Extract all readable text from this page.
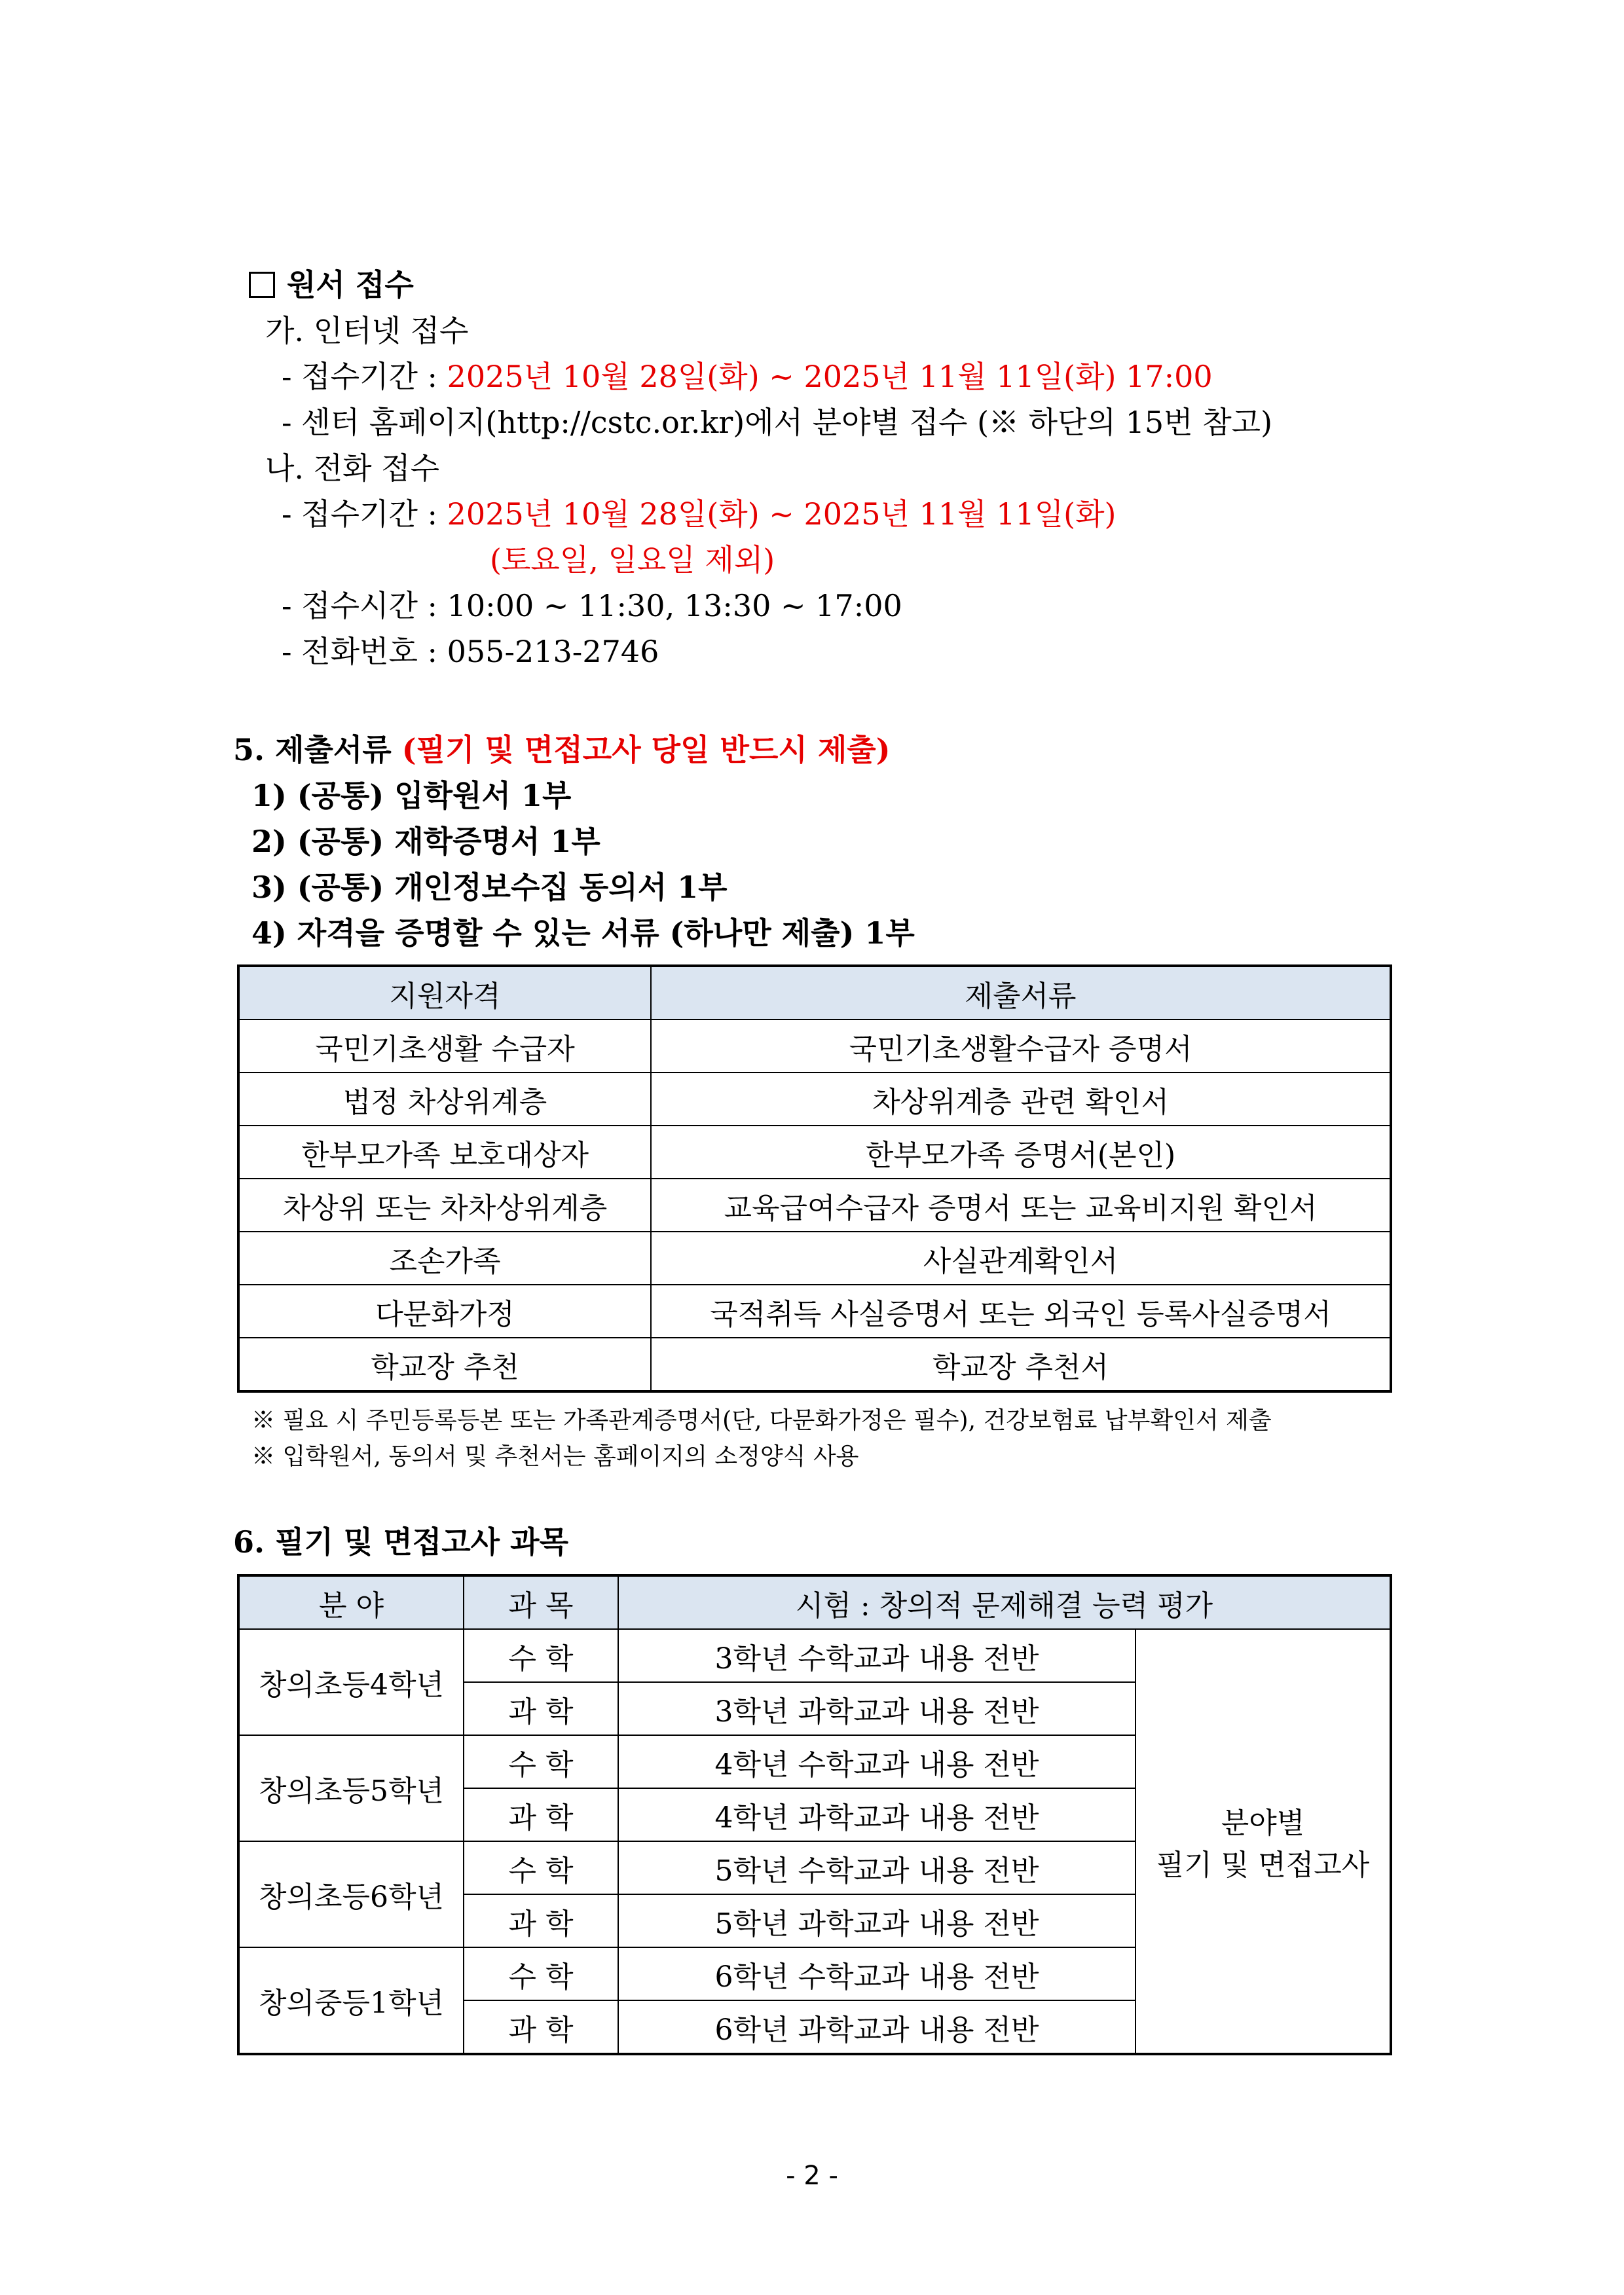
원서 접수
가. 인터넷 접수
- 접수기간 : 2025년 10월 28일(화) ~ 2025년 11월 11일(화) 17:00
- 센터 홈페이지(http://cstc.or.kr)에서 분야별 접수 (※ 하단의 15번 참고)
나. 전화 접수
- 접수기간 : 2025년 10월 28일(화) ~ 2025년 11월 11일(화)
(토요일, 일요일 제외)
- 접수시간 : 10:00 ~ 11:30, 13:30 ~ 17:00
- 전화번호 : 055-213-2746
5. 제출서류 (필기 및 면접고사 당일 반드시 제출)
1) (공통) 입학원서 1부
2) (공통) 재학증명서 1부
3) (공통) 개인정보수집 동의서 1부
4) 자격을 증명할 수 있는 서류 (하나만 제출) 1부
지원자격	제출서류
국민기초생활 수급자	국민기초생활수급자 증명서
법정 차상위계층	차상위계층 관련 확인서
한부모가족 보호대상자	한부모가족 증명서(본인)
차상위 또는 차차상위계층	교육급여수급자 증명서 또는 교육비지원 확인서
조손가족	사실관계확인서
다문화가정	국적취득 사실증명서 또는 외국인 등록사실증명서
학교장 추천	학교장 추천서
※ 필요 시 주민등록등본 또는 가족관계증명서(단, 다문화가정은 필수), 건강보험료 납부확인서 제출
※ 입학원서, 동의서 및 추천서는 홈페이지의 소정양식 사용
6. 필기 및 면접고사 과목
분 야	과 목	시험 : 창의적 문제해결 능력 평가	
창의초등4학년	수 학	3학년 수학교과 내용 전반	분야별
필기 및 면접고사

	과 학	3학년 과학교과 내용 전반	
창의초등5학년	수 학	4학년 수학교과 내용 전반	
	과 학	4학년 과학교과 내용 전반	
창의초등6학년	수 학	5학년 수학교과 내용 전반	
	과 학	5학년 과학교과 내용 전반	
창의중등1학년	수 학	6학년 수학교과 내용 전반	
	과 학	6학년 과학교과 내용 전반	
- 2 -
